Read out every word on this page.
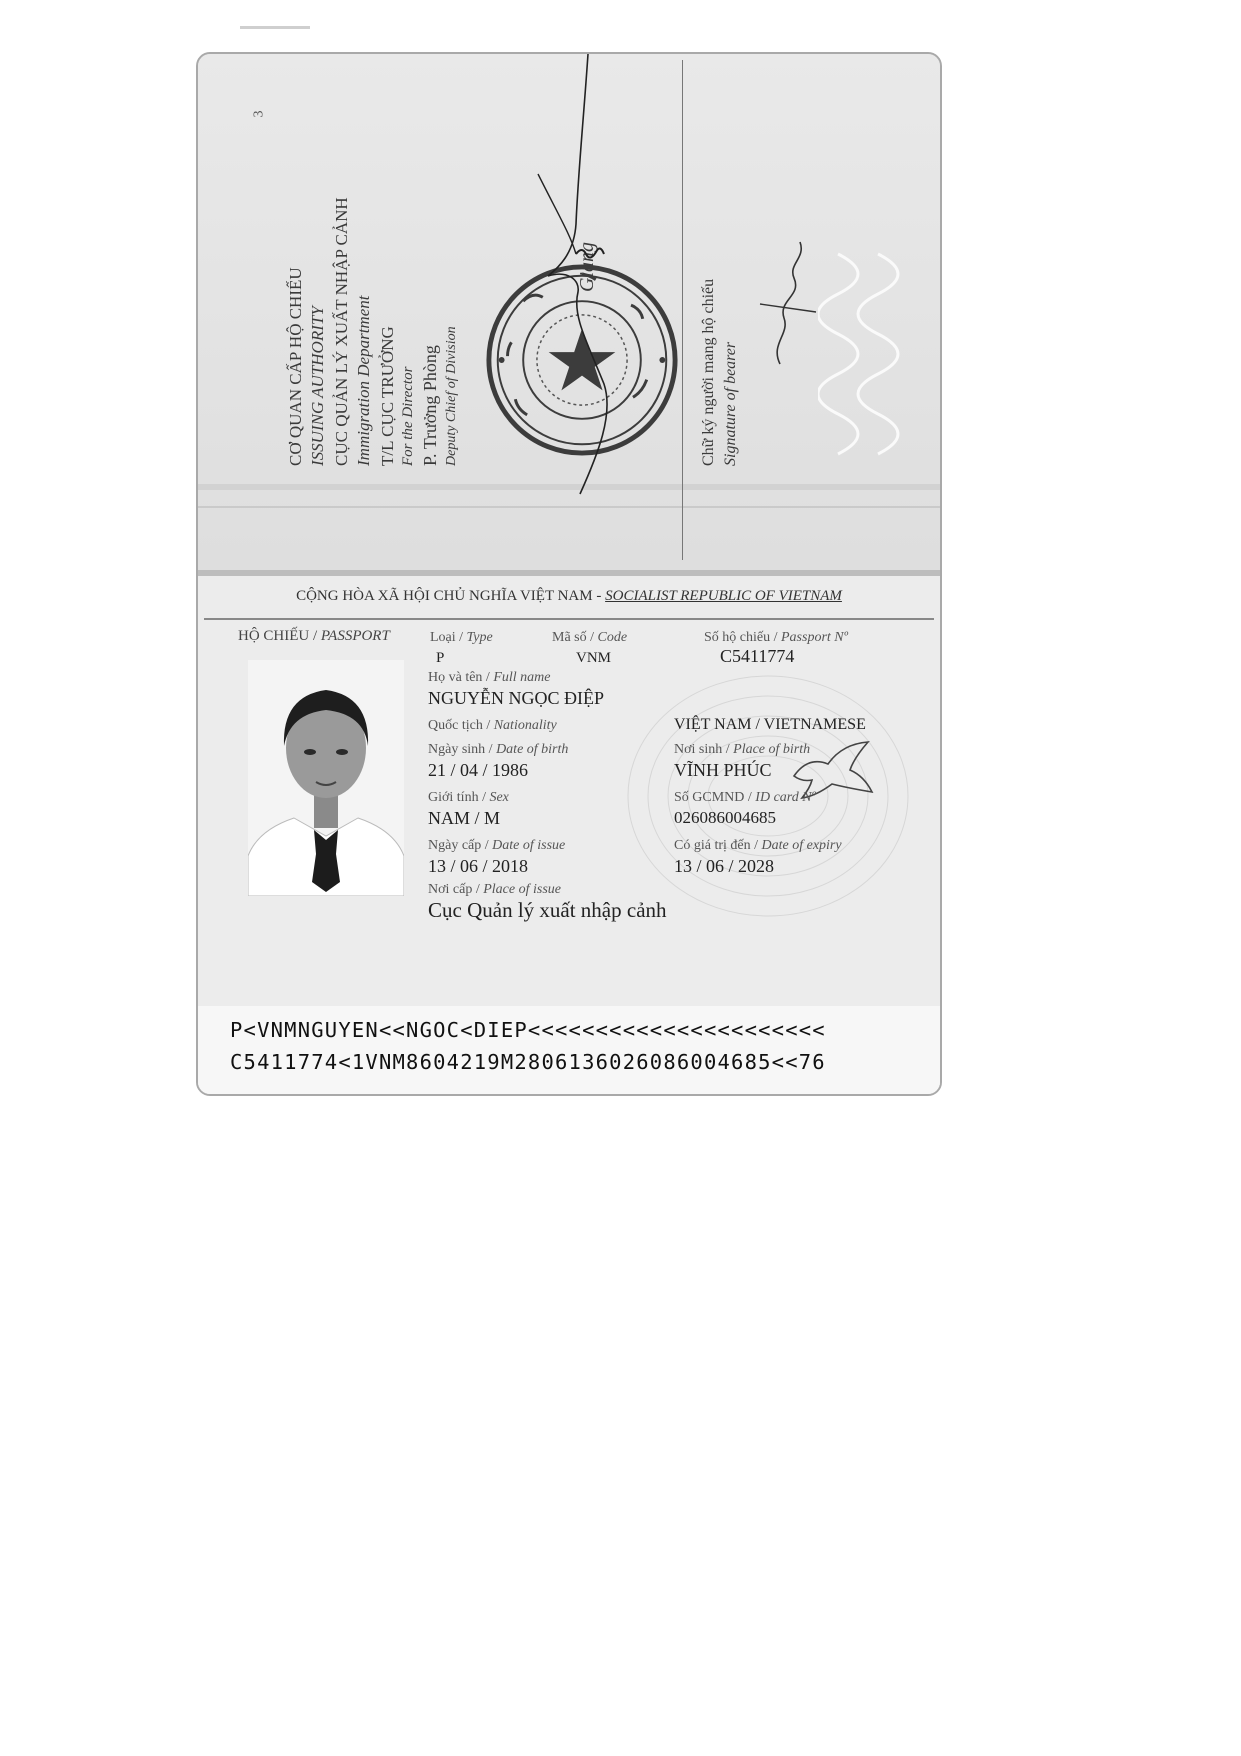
3
CƠ QUAN CẤP HỘ CHIẾU ISSUING AUTHORITY CỤC QUẢN LÝ XUẤT NHẬP CẢNH Immigration Department T/L CỤC TRƯỞNG For the Director P. Trưởng Phòng Deputy Chief of Division
Giang
Chữ ký người mang hộ chiếu Signature of bearer
CỘNG HÒA XÃ HỘI CHỦ NGHĨA VIỆT NAM - SOCIALIST REPUBLIC OF VIETNAM
HỘ CHIẾU / PASSPORT	Loại / Type
P
Mã số / Code
VNM
Số hộ chiếu / Passport Nº
C5411774
Họ và tên / Full name
NGUYỄN NGỌC ĐIỆP
Quốc tịch / Nationality	VIỆT NAM / VIETNAMESE
Ngày sinh / Date of birth
21 / 04 / 1986
Nơi sinh / Place of birth
VĨNH PHÚC
Giới tính / Sex
NAM / M
Số GCMND / ID card Nº
026086004685
Ngày cấp / Date of issue
13 / 06 / 2018
Có giá trị đến / Date of expiry
13 / 06 / 2028
Nơi cấp / Place of issue
Cục Quản lý xuất nhập cảnh
P<VNMNGUYEN<<NGOC<DIEP<<<<<<<<<<<<<<<<<<<<<<
C5411774<1VNM8604219M2806136026086004685<<76
